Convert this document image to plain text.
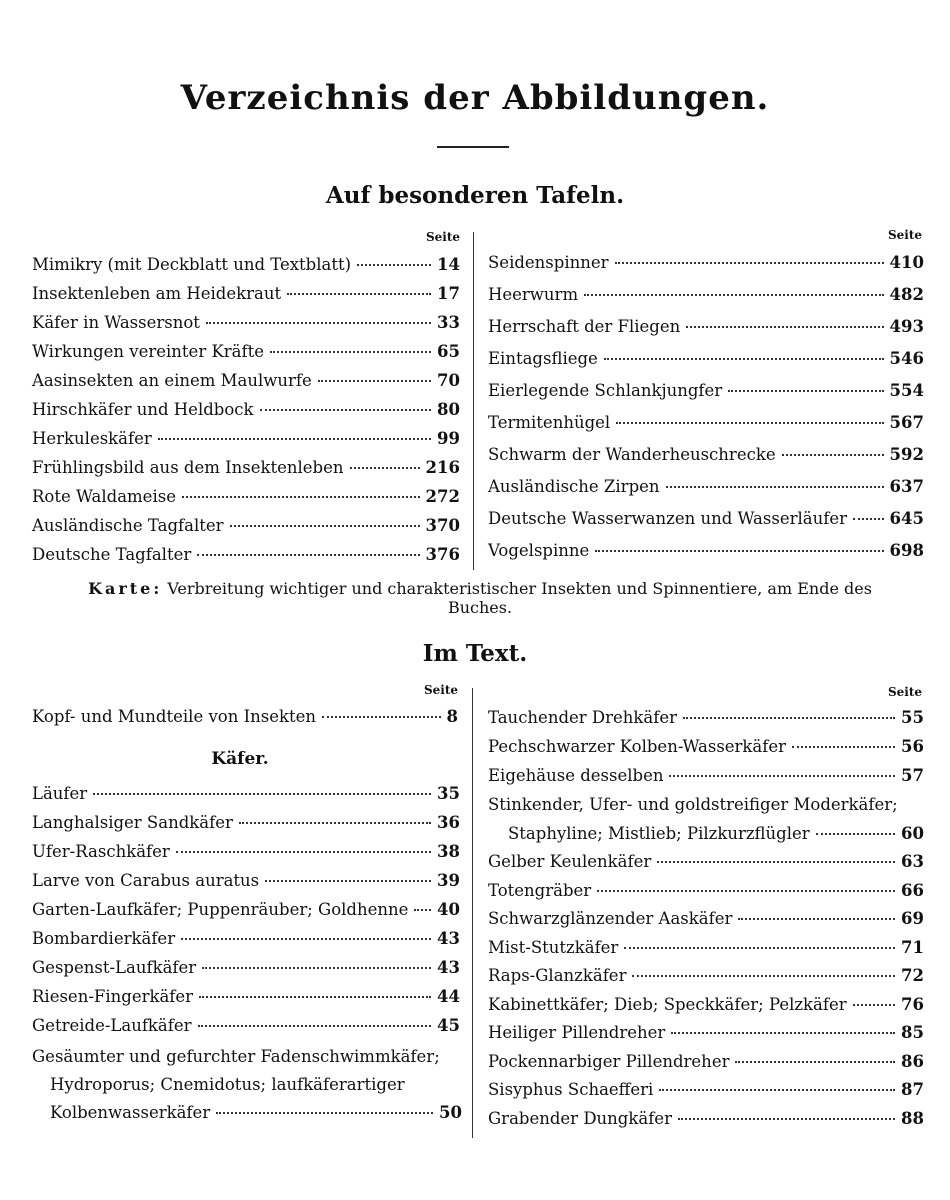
Verzeichnis der Abbildungen.
Auf besonderen Tafeln.
Seite	Seite
Mimikry (mit Deckblatt und Textblatt)	14
Insektenleben am Heidekraut	17
Käfer in Wassersnot	33
Wirkungen vereinter Kräfte	65
Aasinsekten an einem Maulwurfe	70
Hirschkäfer und Heldbock	80
Herkuleskäfer	99
Frühlingsbild aus dem Insektenleben	216
Rote Waldameise	272
Ausländische Tagfalter	370
Deutsche Tagfalter	376
Seidenspinner	410
Heerwurm	482
Herrschaft der Fliegen	493
Eintagsfliege	546
Eierlegende Schlankjungfer	554
Termitenhügel	567
Schwarm der Wanderheuschrecke	592
Ausländische Zirpen	637
Deutsche Wasserwanzen und Wasserläufer	645
Vogelspinne	698
Karte: Verbreitung wichtiger und charakteristischer Insekten und Spinnentiere, am Ende des Buches.
Im Text.
Seite	Seite
Kopf- und Mundteile von Insekten	8
Käfer.
Läufer	35
Langhalsiger Sandkäfer	36
Ufer-Raschkäfer	38
Larve von Carabus auratus	39
Garten-Laufkäfer; Puppenräuber; Goldhenne 40
Bombardierkäfer	43
Gespenst-Laufkäfer	43
Riesen-Fingerkäfer	44
Getreide-Laufkäfer	45
Gesäumter und gefurchter Fadenschwimmkäfer;
Hydroporus; Cnemidotus; laufkäferartiger
Kolbenwasserkäfer	50
Tauchender Drehkäfer	55
Pechschwarzer Kolben-Wasserkäfer	56
Eigehäuse desselben	57
Stinkender, Ufer- und goldstreifiger Moderkäfer;
Staphyline; Mistlieb; Pilzkurzflügler	60
Gelber Keulenkäfer	63
Totengräber	66
Schwarzglänzender Aaskäfer	69
Mist-Stutzkäfer	71
Raps-Glanzkäfer	72
Kabinettkäfer; Dieb; Speckkäfer; Pelzkäfer	76
Heiliger Pillendreher	85
Pockennarbiger Pillendreher	86
Sisyphus Schaefferi	87
Grabender Dungkäfer	88
